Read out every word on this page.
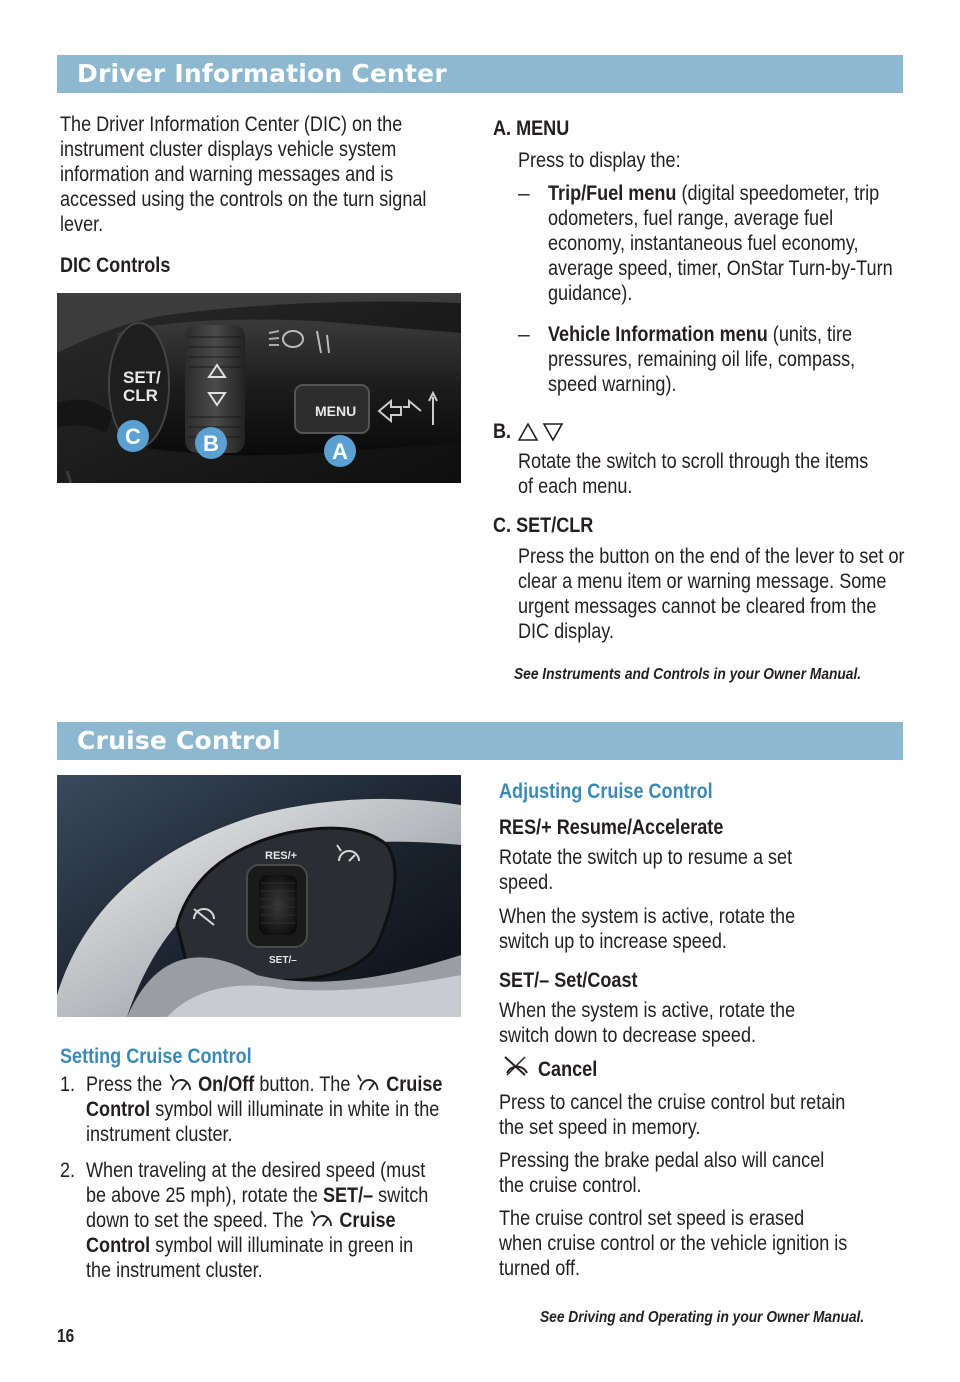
Driver Information Center
The Driver Information Center (DIC) on the instrument cluster displays vehicle system information and warning messages and is accessed using the controls on the turn signal lever.
DIC Controls
SET/
CLR
MENU
C	B	A
A. MENU
Press to display the:
– Trip/Fuel menu (digital speedometer, trip odometers, fuel range, average fuel economy, instantaneous fuel economy, average speed, timer, OnStar Turn-by-Turn guidance).
– Vehicle Information menu (units, tire pressures, remaining oil life, compass, speed warning).
B.
Rotate the switch to scroll through the items of each menu.
C. SET/CLR
Press the button on the end of the lever to set or clear a menu item or warning message. Some urgent messages cannot be cleared from the DIC display.
See Instruments and Controls in your Owner Manual.
Cruise Control
RES/+
SET/–
Setting Cruise Control
1. Press the  On/Off button. The  Cruise Control symbol will illuminate in white in the instrument cluster.
2. When traveling at the desired speed (must be above 25 mph), rotate the SET/– switch down to set the speed. The  Cruise Control symbol will illuminate in green in the instrument cluster.
Adjusting Cruise Control
RES/+ Resume/Accelerate
Rotate the switch up to resume a set speed.
When the system is active, rotate the switch up to increase speed.
SET/– Set/Coast
When the system is active, rotate the switch down to decrease speed.
Cancel
Press to cancel the cruise control but retain the set speed in memory.
Pressing the brake pedal also will cancel the cruise control.
The cruise control set speed is erased when cruise control or the vehicle ignition is turned off.
See Driving and Operating in your Owner Manual.
16
